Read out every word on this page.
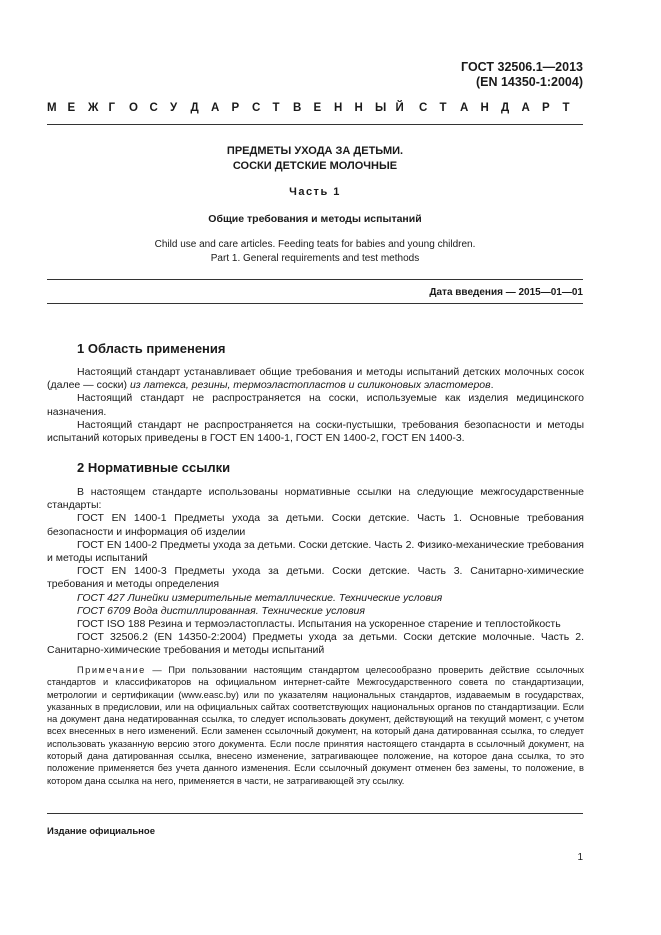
ГОСТ 32506.1—2013
(EN 14350-1:2004)
М Е	Ж Г	О	С	У	Д	А	Р	С	Т	В	Е	Н	Н	Ы Й	С	Т	А	Н	Д	А	Р	Т
ПРЕДМЕТЫ УХОДА ЗА ДЕТЬМИ.
СОСКИ ДЕТСКИЕ МОЛОЧНЫЕ
Часть 1
Общие требования и методы испытаний
Child use and care articles. Feeding teats for babies and young children.
Part 1. General requirements and test methods
Дата введения — 2015—01—01
1 Область применения

Настоящий стандарт устанавливает общие требования и методы испытаний детских молочных сосок (далее — соски) из латекса, резины, термоэластопластов и силиконовых эластомеров.

Настоящий стандарт не распространяется на соски, используемые как изделия медицинского назначения.

Настоящий стандарт не распространяется на соски-пустышки, требования безопасности и методы испытаний которых приведены в ГОСТ EN 1400-1, ГОСТ EN 1400-2, ГОСТ EN 1400-3.

2 Нормативные ссылки

В настоящем стандарте использованы нормативные ссылки на следующие межгосударственные стандарты:

ГОСТ EN 1400-1 Предметы ухода за детьми. Соски детские. Часть 1. Основные требования безопасности и информация об изделии

ГОСТ EN 1400-2 Предметы ухода за детьми. Соски детские. Часть 2. Физико-механические требования и методы испытаний

ГОСТ EN 1400-3 Предметы ухода за детьми. Соски детские. Часть 3. Санитарно-химические требования и методы определения

ГОСТ 427 Линейки измерительные металлические. Технические условия

ГОСТ 6709 Вода дистиллированная. Технические условия

ГОСТ ISO 188 Резина и термоэластопласты. Испытания на ускоренное старение и теплостойкость

ГОСТ 32506.2 (EN 14350-2:2004) Предметы ухода за детьми. Соски детские молочные. Часть 2. Санитарно-химические требования и методы испытаний

Примечание — При пользовании настоящим стандартом целесообразно проверить действие ссылочных стандартов и классификаторов на официальном интернет-сайте Межгосударственного совета по стандартизации, метрологии и сертификации (www.easc.by) или по указателям национальных стандартов, издаваемым в государствах, указанных в предисловии, или на официальных сайтах соответствующих национальных органов по стандартизации. Если на документ дана недатированная ссылка, то следует использовать документ, действующий на текущий момент, с учетом всех внесенных в него изменений. Если заменен ссылочный документ, на который дана датированная ссылка, то следует использовать указанную версию этого документа. Если после принятия настоящего стандарта в ссылочный документ, на который дана датированная ссылка, внесено изменение, затрагивающее положение, на которое дана ссылка, то это положение применяется без учета данного изменения. Если ссылочный документ отменен без замены, то положение, в котором дана ссылка на него, применяется в части, не затрагивающей эту ссылку.

Издание официальное
1
